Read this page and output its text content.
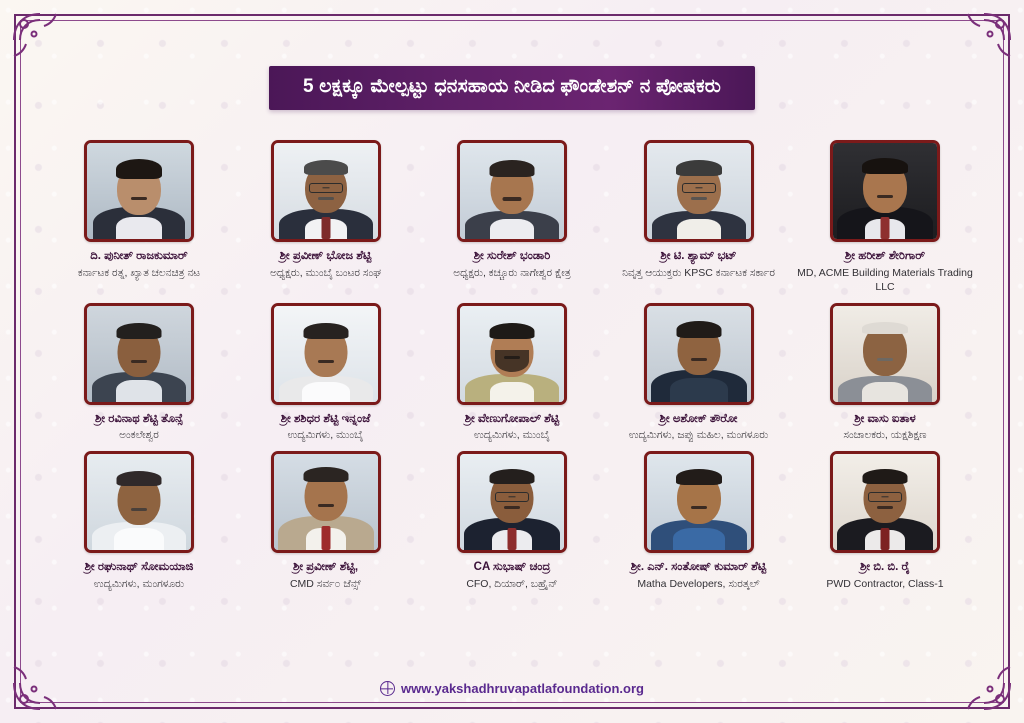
5 ಲಕ್ಷಕ್ಕೂ ಮೇಲ್ಪಟ್ಟು ಧನಸಹಾಯ ನೀಡಿದ ಫೌಂಡೇಶನ್ ನ ಪೋಷಕರು

ದಿ. ಪುನೀತ್ ರಾಜಕುಮಾರ್

ಕರ್ನಾಟಕ ರತ್ನ, ಖ್ಯಾತ ಚಲನಚಿತ್ರ ನಟ

ಶ್ರೀ ಪ್ರವೀಣ್ ಭೋಜ ಶೆಟ್ಟಿ

ಅಧ್ಯಕ್ಷರು, ಮುಂಬೈ ಬಂಟರ ಸಂಘ

ಶ್ರೀ ಸುರೇಶ್ ಭಂಡಾರಿ

ಅಧ್ಯಕ್ಷರು, ಕಚ್ಚೂರು ನಾಗೇಶ್ವರ ಕ್ಷೇತ್ರ

ಶ್ರೀ ಟಿ. ಶ್ಯಾಮ್ ಭಟ್

ನಿವೃತ್ತ ಆಯುಕ್ತರು KPSC ಕರ್ನಾಟಕ ಸರ್ಕಾರ

ಶ್ರೀ ಹರೀಶ್ ಶೇರಿಗಾರ್

MD, ACME Building Materials Trading LLC

ಶ್ರೀ ರವಿನಾಥ ಶೆಟ್ಟಿ ತೊನ್ಸೆ

ಅಂಕಲೇಶ್ವರ

ಶ್ರೀ ಶಶಿಧರ ಶೆಟ್ಟಿ ಇನ್ನಂಜೆ

ಉದ್ಯಮಿಗಳು, ಮುಂಬೈ

ಶ್ರೀ ವೇಣುಗೋಪಾಲ್ ಶೆಟ್ಟಿ

ಉದ್ಯಮಿಗಳು, ಮುಂಬೈ

ಶ್ರೀ ಅಶೋಕ್ ತೌರೋ

ಉದ್ಯಮಿಗಳು, ಜಪ್ಪು ಮಹಿಲ, ಮಂಗಳೂರು

ಶ್ರೀ ವಾಸು ಐತಾಳ

ಸಂಚಾಲಕರು, ಯಕ್ಷಶಿಕ್ಷಣ

ಶ್ರೀ ರಘುನಾಥ್ ಸೋಮಯಾಜಿ

ಉದ್ಯಮಿಗಳು, ಮಂಗಳೂರು

ಶ್ರೀ ಪ್ರವೀಣ್ ಶೆಟ್ಟಿ,

CMD ಸರ್ವ೦ ಜೆನ್ಸ್

CA ಸುಭಾಷ್ ಚಂದ್ರ

CFO, ದಿಯಾರ್, ಬಹ್ರೈನ್

ಶ್ರೀ. ಎನ್. ಸಂತೋಷ್ ಕುಮಾರ್ ಶೆಟ್ಟಿ

Matha Developers, ಸುರತ್ಕಲ್

ಶ್ರೀ ಬಿ. ಬಿ. ರೈ

PWD Contractor, Class-1

www.yakshadhruvapatlafoundation.org
